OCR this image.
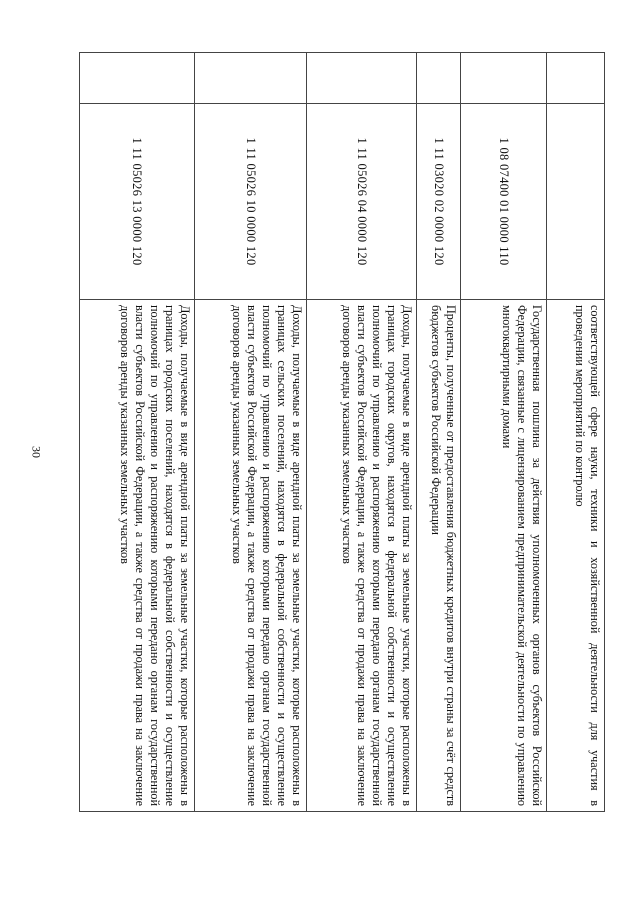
30
			соответствующей сфере науки, техники и хозяйственной деятельности для участия в проведении мероприятий по контролю
	1 08 07400 01 0000 110	Государственная пошлина за действия уполномоченных органов субъектов Российской Федерации, связанные с лицензированием предпринимательской деятельности по управлению многоквартирными домами
	1 11 03020 02 0000 120	Проценты, полученные от предоставления бюджетных кредитов внутри страны за счёт средств бюджетов субъектов Российской Федерации
	1 11 05026 04 0000 120	Доходы, получаемые в виде арендной платы за земельные участки, которые расположены в границах городских округов, находятся в федеральной собственности и осуществление полномочий по управлению и распоряжению которыми передано органам государственной власти субъектов Российской Федерации, а также средства от продажи права на заключение договоров аренды указанных земельных участков
	1 11 05026 10 0000 120	Доходы, получаемые в виде арендной платы за земельные участки, которые расположены в границах сельских поселений, находятся в федеральной собственности и осуществление полномочий по управлению и распоряжению которыми передано органам государственной власти субъектов Российской Федерации, а также средства от продажи права на заключение договоров аренды указанных земельных участков
	1 11 05026 13 0000 120	Доходы, получаемые в виде арендной платы за земельные участки, которые расположены в границах городских поселений, находятся в федеральной собственности и осуществление полномочий по управлению и распоряжению которыми передано органам государственной власти субъектов Российской Федерации, а также средства от продажи права на заключение договоров аренды указанных земельных участков
